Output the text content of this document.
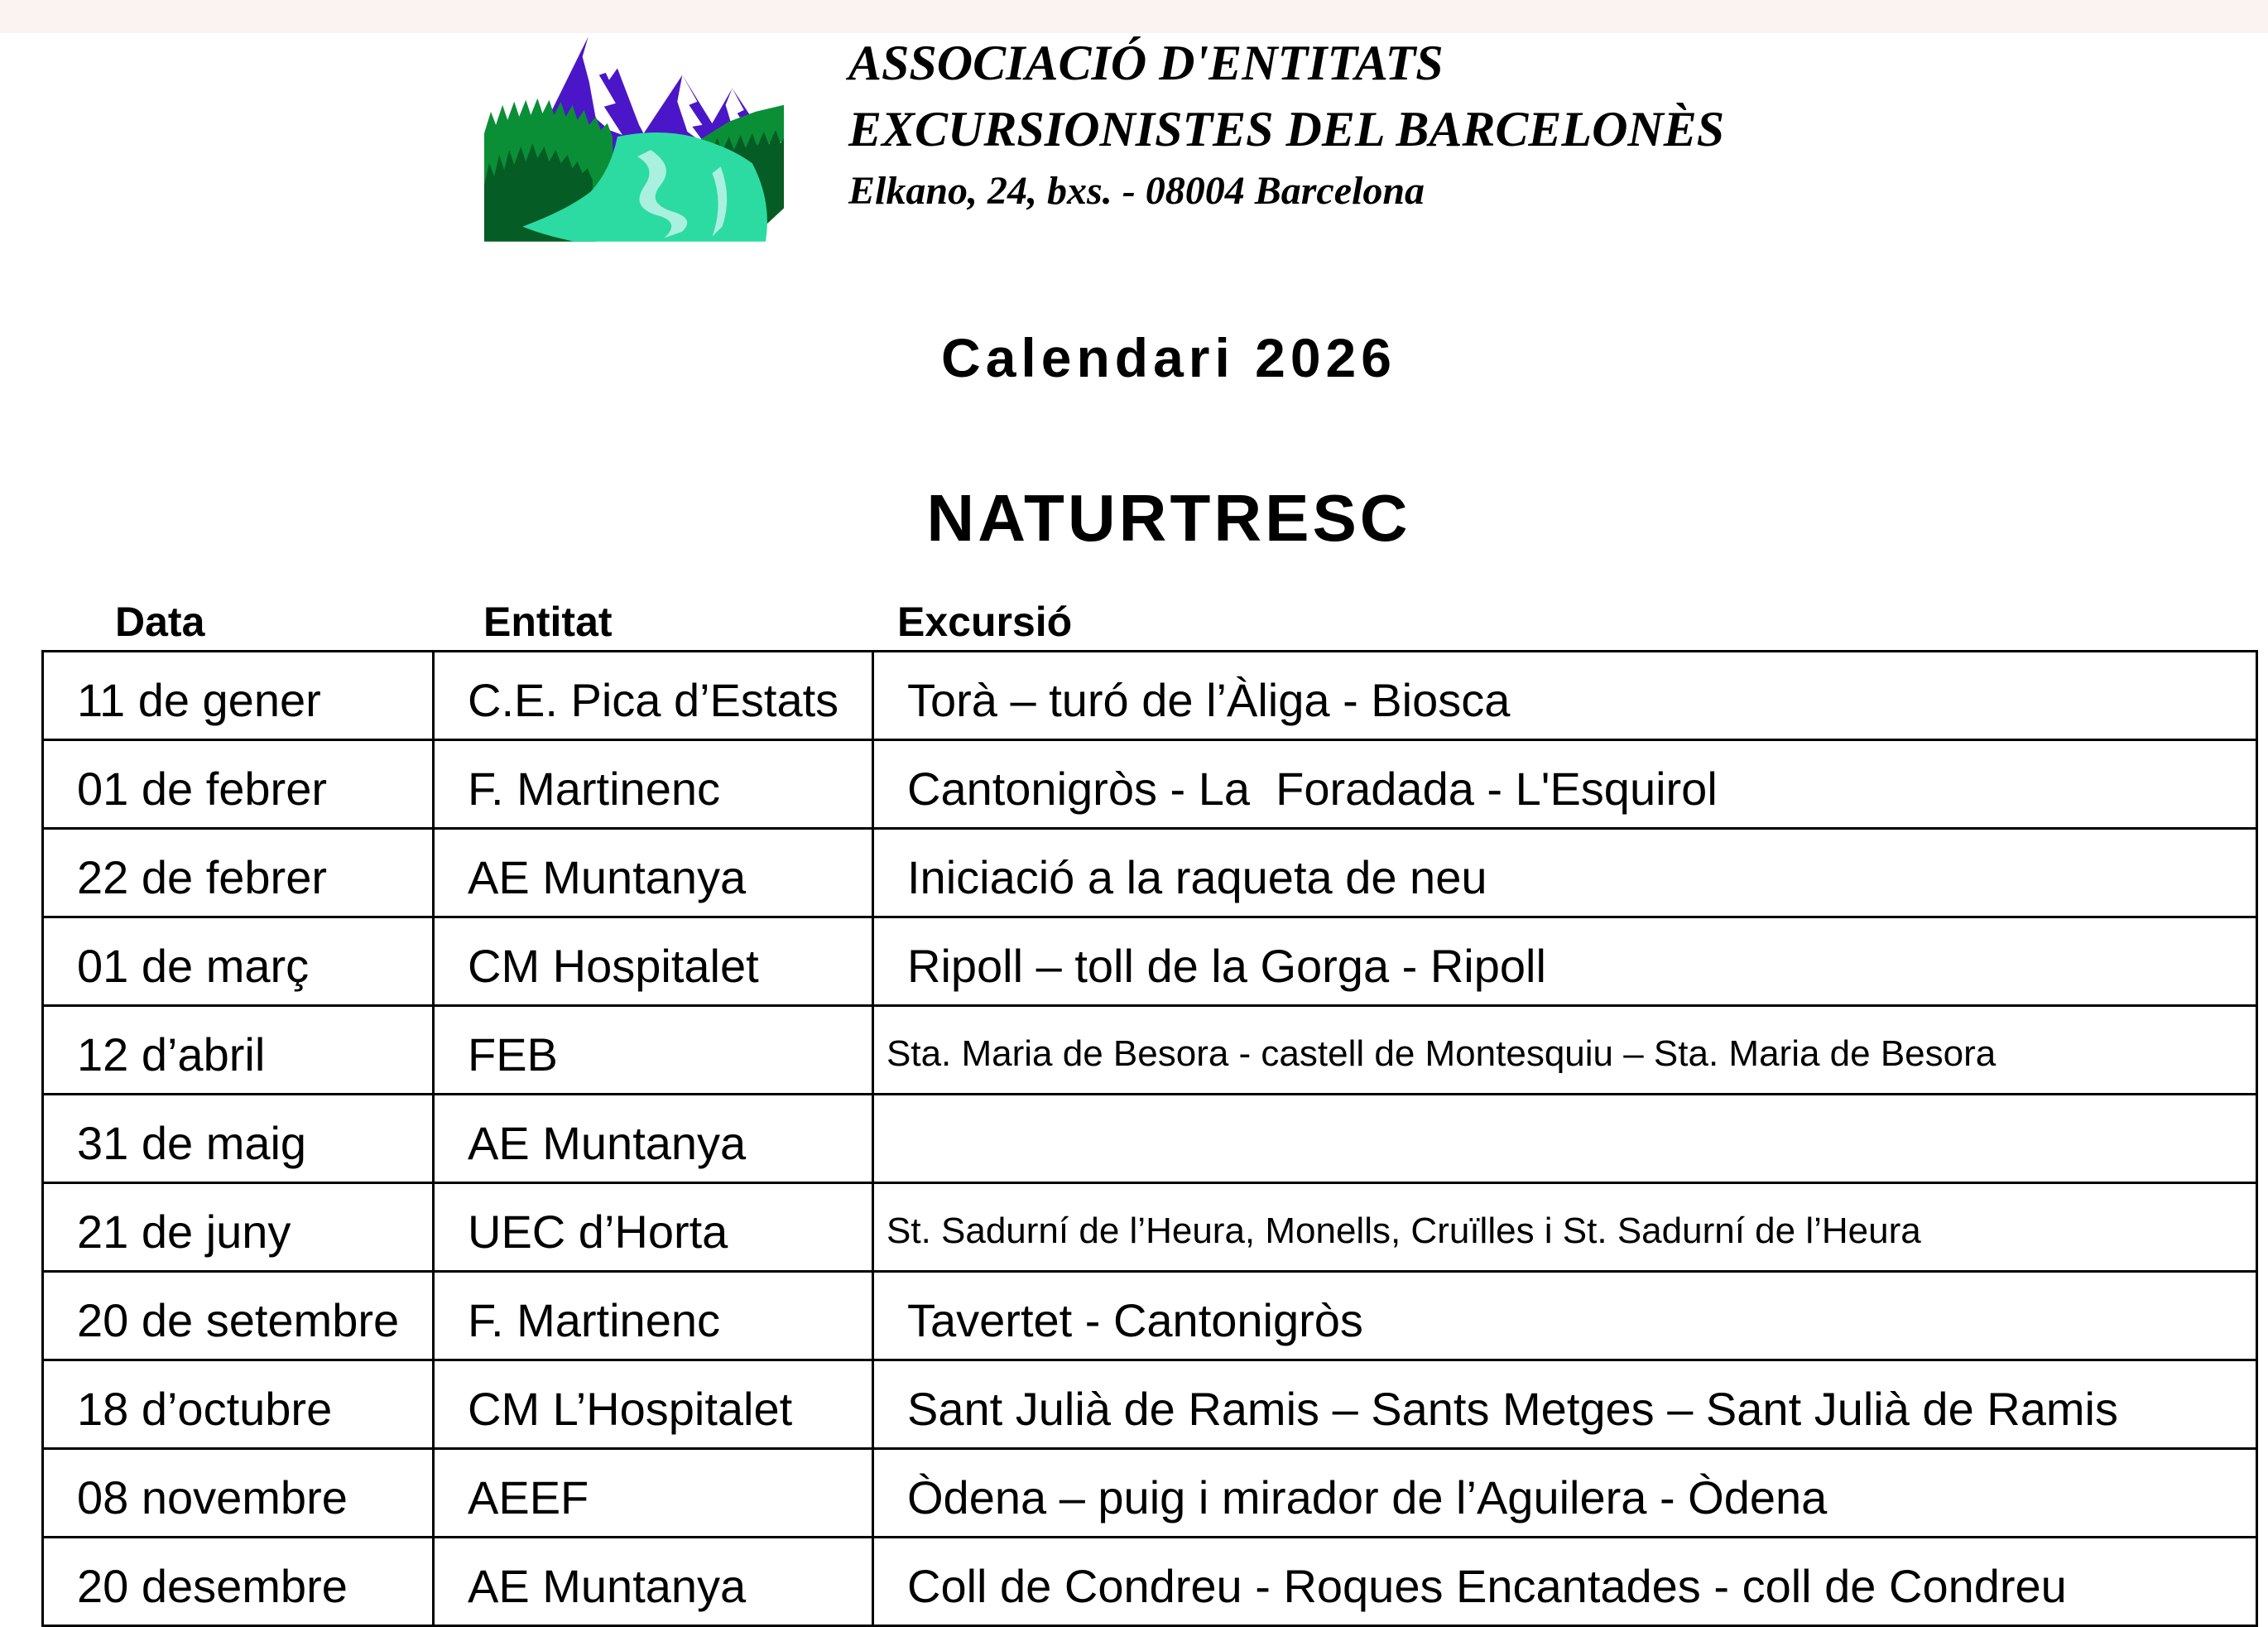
ASSOCIACIÓ D'ENTITATS
EXCURSIONISTES DEL BARCELONÈS
Elkano, 24, bxs. - 08004 Barcelona
Calendari 2026
NATURTRESC
Data	Entitat	Excursió
11 de gener	C.E. Pica d’Estats	Torà – turó de l’Àliga - Biosca
01 de febrer	F. Martinenc	Cantonigròs - La  Foradada - L'Esquirol
22 de febrer	AE Muntanya	Iniciació a la raqueta de neu
01 de març	CM Hospitalet	Ripoll – toll de la Gorga - Ripoll
12 d’abril	FEB	Sta. Maria de Besora - castell de Montesquiu – Sta. Maria de Besora
31 de maig	AE Muntanya	
21 de juny	UEC d’Horta	St. Sadurní de l’Heura, Monells, Cruïlles i St. Sadurní de l’Heura
20 de setembre	F. Martinenc	Tavertet - Cantonigròs
18 d’octubre	CM L’Hospitalet	Sant Julià de Ramis – Sants Metges – Sant Julià de Ramis
08 novembre	AEEF	Òdena – puig i mirador de l’Aguilera - Òdena
20 desembre	AE Muntanya	Coll de Condreu - Roques Encantades - coll de Condreu
